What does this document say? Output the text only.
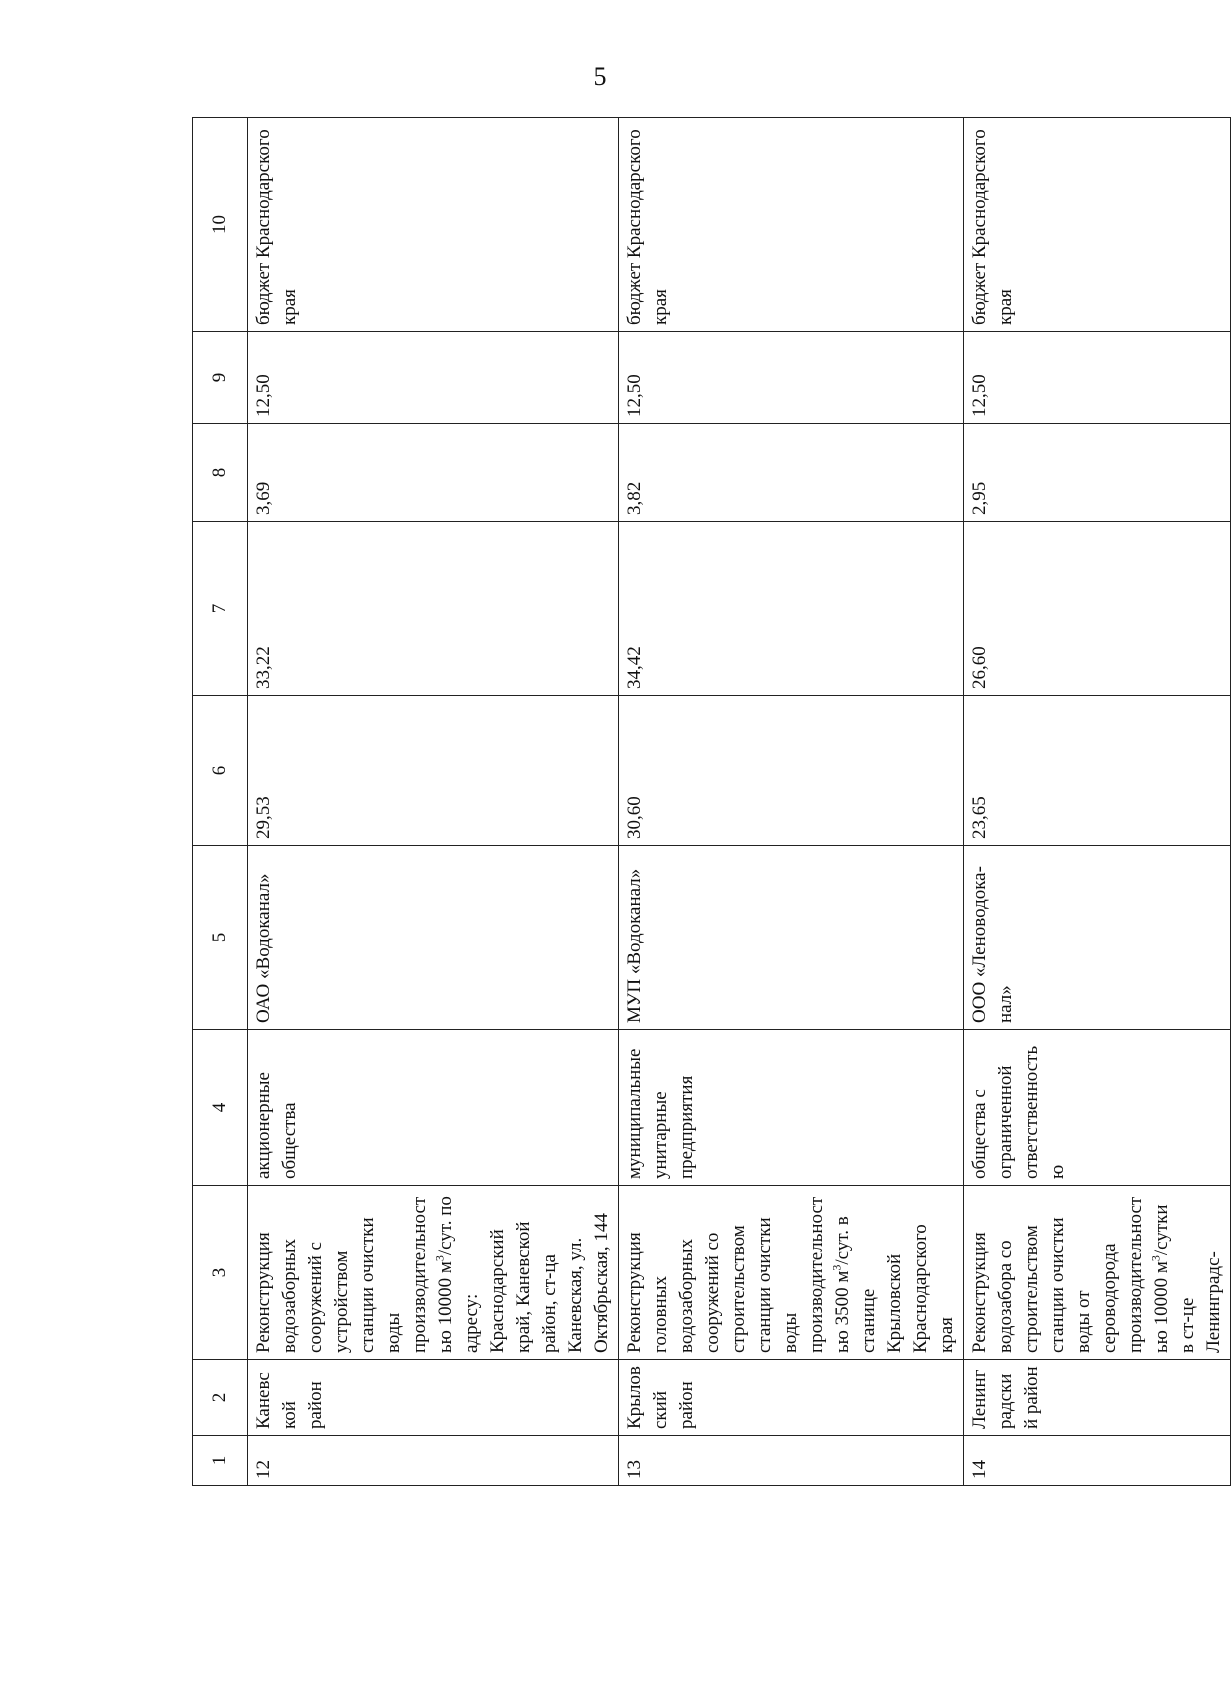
5
1	2	3	4	5	6	7	8	9	10
12	Каневской район	Реконструкция водозаборных сооружений с устройством станции очистки воды производительностью 10000 $м^3$/сут. по адресу: Краснодарский край, Каневской район, ст-ца Каневская, ул. Октябрьская, 144	акционерные общества	ОАО «Водоканал»	29,53	33,22	3,69	12,50	бюджет Краснодарского края
13	Крыловский район	Реконструкция головных водозаборных сооружений со строительством станции очистки воды производительностью 3500 $м^3$/сут. в станице Крыловской Краснодарского края	муниципальные унитарные предприятия	МУП «Водоканал»	30,60	34,42	3,82	12,50	бюджет Краснодарского края
14	Ленинградский район	Реконструкция водозабора со строительством станции очистки воды от сероводорода производительностью 10000 $м^3$/сутки в ст-це Ленинградс-	общества с ограниченной ответственностью	ООО «Леноводока-нал»	23,65	26,60	2,95	12,50	бюджет Краснодарского края
